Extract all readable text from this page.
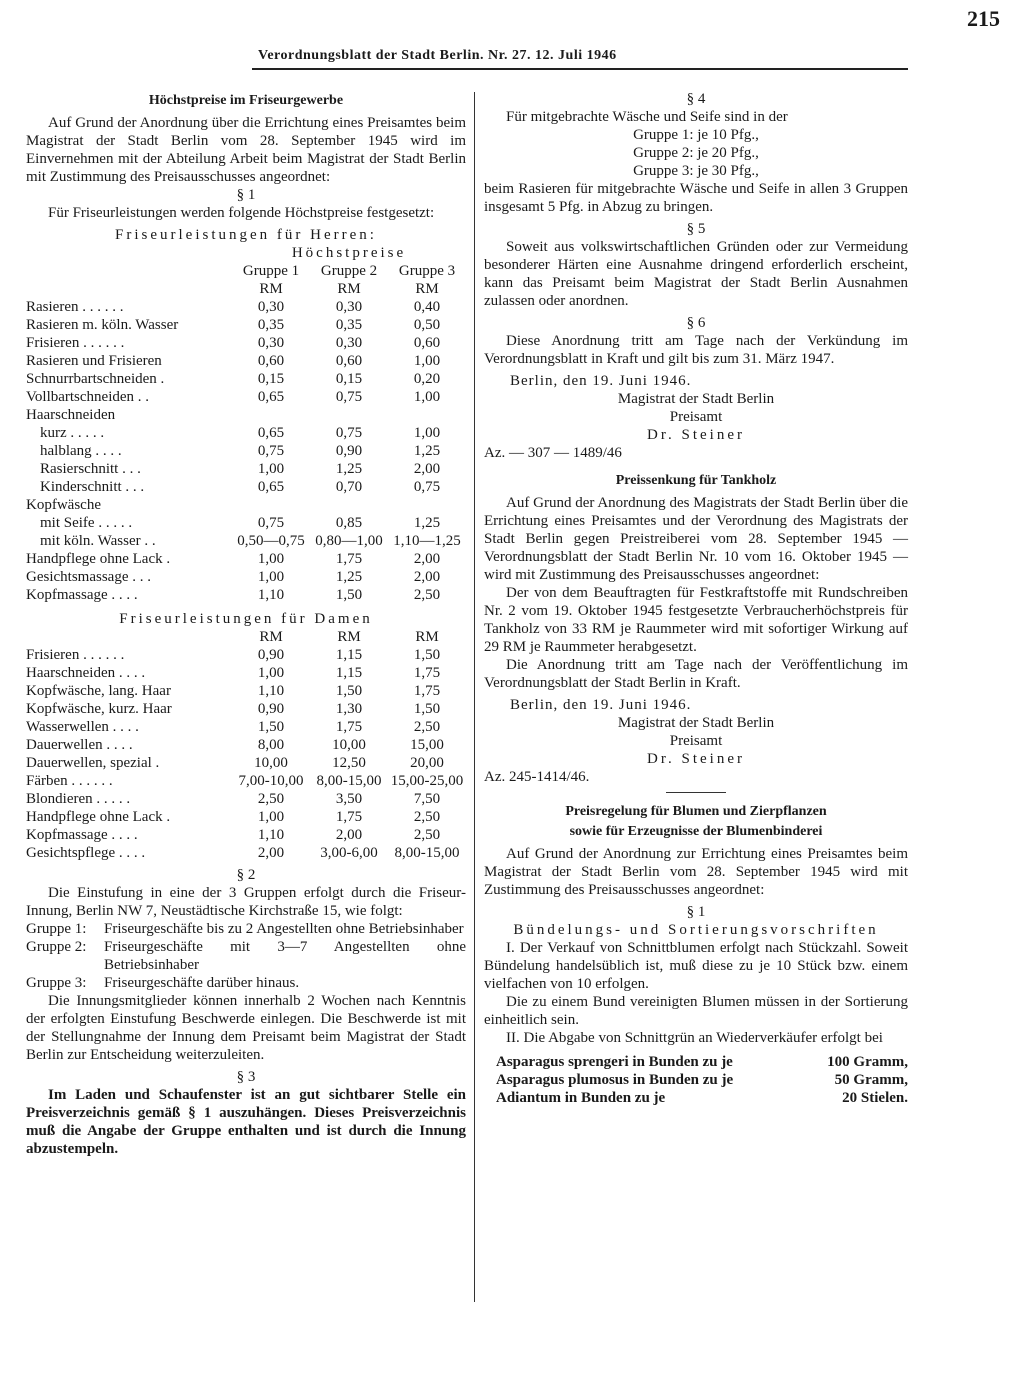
Verordnungsblatt der Stadt Berlin. Nr. 27. 12. Juli 1946
215
Höchstpreise im Friseurgewerbe

Auf Grund der Anordnung über die Errichtung eines Preisamtes beim Magistrat der Stadt Berlin vom 28. September 1945 wird im Einvernehmen mit der Abteilung Arbeit beim Magistrat der Stadt Berlin mit Zustimmung des Preisausschusses angeordnet:

§ 1

Für Friseurleistungen werden folgende Höchstpreise festgesetzt:

Friseurleistungen für Herren:
	Höchstpreise		
	Gruppe 1	Gruppe 2	Gruppe 3
	RM	RM	RM
Rasieren . . . . . .	0,30	0,30	0,40
Rasieren m. köln. Wasser	0,35	0,35	0,50
Frisieren . . . . . .	0,30	0,30	0,60
Rasieren und Frisieren	0,60	0,60	1,00
Schnurrbartschneiden .	0,15	0,15	0,20
Vollbartschneiden . .	0,65	0,75	1,00
Haarschneiden			
kurz . . . . .	0,65	0,75	1,00
halblang . . . .	0,75	0,90	1,25
Rasierschnitt . . .	1,00	1,25	2,00
Kinderschnitt . . .	0,65	0,70	0,75
Kopfwäsche			
mit Seife . . . . .	0,75	0,85	1,25
mit köln. Wasser . .	0,50—0,75	0,80—1,00	1,10—1,25
Handpflege ohne Lack .	1,00	1,75	2,00
Gesichtsmassage . . .	1,00	1,25	2,00
Kopfmassage . . . .	1,10	1,50	2,50
Friseurleistungen für Damen
	RM	RM	RM
Frisieren . . . . . .	0,90	1,15	1,50
Haarschneiden . . . .	1,00	1,15	1,75
Kopfwäsche, lang. Haar	1,10	1,50	1,75
Kopfwäsche, kurz. Haar	0,90	1,30	1,50
Wasserwellen . . . .	1,50	1,75	2,50
Dauerwellen . . . .	8,00	10,00	15,00
Dauerwellen, spezial .	10,00	12,50	20,00
Färben . . . . . .	7,00-10,00	8,00-15,00	15,00-25,00
Blondieren . . . . .	2,50	3,50	7,50
Handpflege ohne Lack .	1,00	1,75	2,50
Kopfmassage . . . .	1,10	2,00	2,50
Gesichtspflege . . . .	2,00	3,00-6,00	8,00-15,00
§ 2

Die Einstufung in eine der 3 Gruppen erfolgt durch die Friseur-Innung, Berlin NW 7, Neustädtische Kirchstraße 15, wie folgt:

Gruppe 1:	Friseurgeschäfte bis zu 2 Angestellten ohne Betriebsinhaber
Gruppe 2:	Friseurgeschäfte mit 3—7 Angestellten ohne Betriebsinhaber
Gruppe 3:	Friseurgeschäfte darüber hinaus.

Die Innungsmitglieder können innerhalb 2 Wochen nach Kenntnis der erfolgten Einstufung Beschwerde einlegen. Die Beschwerde ist mit der Stellungnahme der Innung dem Preisamt beim Magistrat der Stadt Berlin zur Entscheidung weiterzuleiten.

§ 3

Im Laden und Schaufenster ist an gut sichtbarer Stelle ein Preisverzeichnis gemäß § 1 auszuhängen. Dieses Preisverzeichnis muß die Angabe der Gruppe enthalten und ist durch die Innung abzustempeln.

§ 4

Für mitgebrachte Wäsche und Seife sind in der

Gruppe 1: je 10 Pfg.,
Gruppe 2: je 20 Pfg.,
Gruppe 3: je 30 Pfg.,

beim Rasieren für mitgebrachte Wäsche und Seife in allen 3 Gruppen insgesamt 5 Pfg. in Abzug zu bringen.

§ 5

Soweit aus volkswirtschaftlichen Gründen oder zur Vermeidung besonderer Härten eine Ausnahme dringend erforderlich erscheint, kann das Preisamt beim Magistrat der Stadt Berlin Ausnahmen zulassen oder anordnen.

§ 6

Diese Anordnung tritt am Tage nach der Verkündung im Verordnungsblatt in Kraft und gilt bis zum 31. März 1947.

Berlin, den 19. Juni 1946.
Magistrat der Stadt Berlin
Preisamt
Dr. Steiner
Az. — 307 — 1489/46
Preissenkung für Tankholz

Auf Grund der Anordnung des Magistrats der Stadt Berlin über die Errichtung eines Preisamtes und der Verordnung des Magistrats der Stadt Berlin gegen Preistreiberei vom 28. September 1945 — Verordnungsblatt der Stadt Berlin Nr. 10 vom 16. Oktober 1945 — wird mit Zustimmung des Preisausschusses angeordnet:

Der von dem Beauftragten für Festkraftstoffe mit Rundschreiben Nr. 2 vom 19. Oktober 1945 festgesetzte Verbraucherhöchstpreis für Tankholz von 33 RM je Raummeter wird mit sofortiger Wirkung auf 29 RM je Raummeter herabgesetzt.

Die Anordnung tritt am Tage nach der Veröffentlichung im Verordnungsblatt der Stadt Berlin in Kraft.

Berlin, den 19. Juni 1946.
Magistrat der Stadt Berlin
Preisamt
Dr. Steiner
Az. 245-1414/46.
Preisregelung für Blumen und Zierpflanzen
sowie für Erzeugnisse der Blumenbinderei

Auf Grund der Anordnung zur Errichtung eines Preisamtes beim Magistrat der Stadt Berlin vom 28. September 1945 wird mit Zustimmung des Preisausschusses angeordnet:

§ 1
Bündelungs- und Sortierungsvorschriften

I. Der Verkauf von Schnittblumen erfolgt nach Stückzahl. Soweit Bündelung handelsüblich ist, muß diese zu je 10 Stück bzw. einem vielfachen von 10 erfolgen.

Die zu einem Bund vereinigten Blumen müssen in der Sortierung einheitlich sein.

II. Die Abgabe von Schnittgrün an Wiederverkäufer erfolgt bei

Asparagus sprengeri in Bunden zu je	100 Gramm,
Asparagus plumosus in Bunden zu je	50 Gramm,
Adiantum in Bunden zu je	20 Stielen.
